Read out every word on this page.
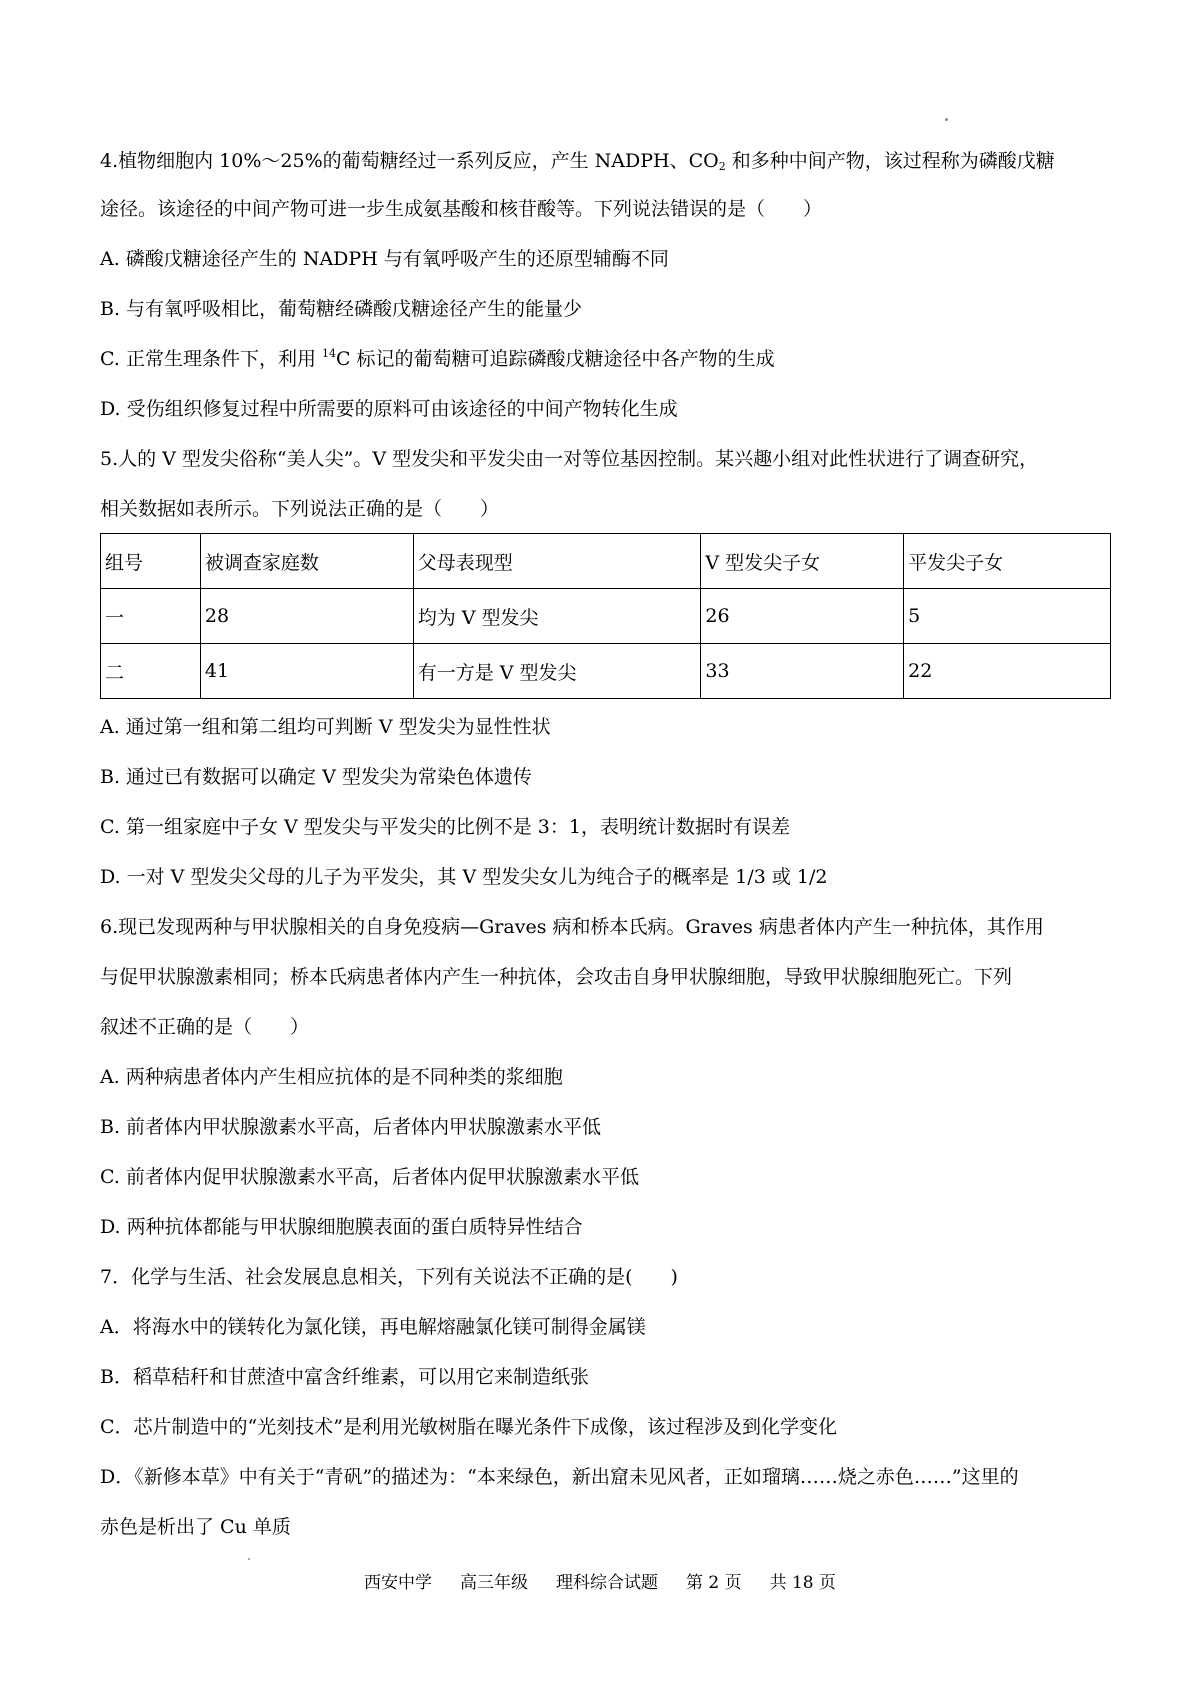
4.植物细胞内 10%～25%的葡萄糖经过一系列反应，产生 NADPH、$CO_2$ 和多种中间产物，该过程称为磷酸戊糖
途径。该途径的中间产物可进一步生成氨基酸和核苷酸等。下列说法错误的是（　　）
A. 磷酸戊糖途径产生的 NADPH 与有氧呼吸产生的还原型辅酶不同
B. 与有氧呼吸相比，葡萄糖经磷酸戊糖途径产生的能量少
C. 正常生理条件下，利用 $^{14}$C 标记的葡萄糖可追踪磷酸戊糖途径中各产物的生成
D. 受伤组织修复过程中所需要的原料可由该途径的中间产物转化生成
5.人的 V 型发尖俗称“美人尖”。V 型发尖和平发尖由一对等位基因控制。某兴趣小组对此性状进行了调查研究，
相关数据如表所示。下列说法正确的是（　　）
组号	被调查家庭数	父母表现型	V 型发尖子女	平发尖子女
一	28	均为 V 型发尖	26	5
二	41	有一方是 V 型发尖	33	22
A. 通过第一组和第二组均可判断 V 型发尖为显性性状
B. 通过已有数据可以确定 V 型发尖为常染色体遗传
C. 第一组家庭中子女 V 型发尖与平发尖的比例不是 3：1，表明统计数据时有误差
D. 一对 V 型发尖父母的儿子为平发尖，其 V 型发尖女儿为纯合子的概率是 1/3 或 1/2
6.现已发现两种与甲状腺相关的自身免疫病—Graves 病和桥本氏病。Graves 病患者体内产生一种抗体，其作用
与促甲状腺激素相同；桥本氏病患者体内产生一种抗体，会攻击自身甲状腺细胞，导致甲状腺细胞死亡。下列
叙述不正确的是（　　）
A. 两种病患者体内产生相应抗体的是不同种类的浆细胞
B. 前者体内甲状腺激素水平高，后者体内甲状腺激素水平低
C. 前者体内促甲状腺激素水平高，后者体内促甲状腺激素水平低
D. 两种抗体都能与甲状腺细胞膜表面的蛋白质特异性结合
7．化学与生活、社会发展息息相关，下列有关说法不正确的是(　　)
A．将海水中的镁转化为氯化镁，再电解熔融氯化镁可制得金属镁
B．稻草秸秆和甘蔗渣中富含纤维素，可以用它来制造纸张
C．芯片制造中的“光刻技术”是利用光敏树脂在曝光条件下成像，该过程涉及到化学变化
D．《新修本草》中有关于“青矾”的描述为：“本来绿色，新出窟未见风者，正如瑠璃……烧之赤色……”这里的
赤色是析出了 Cu 单质
西安中学 高三年级 理科综合试题 第 2 页 共 18 页
